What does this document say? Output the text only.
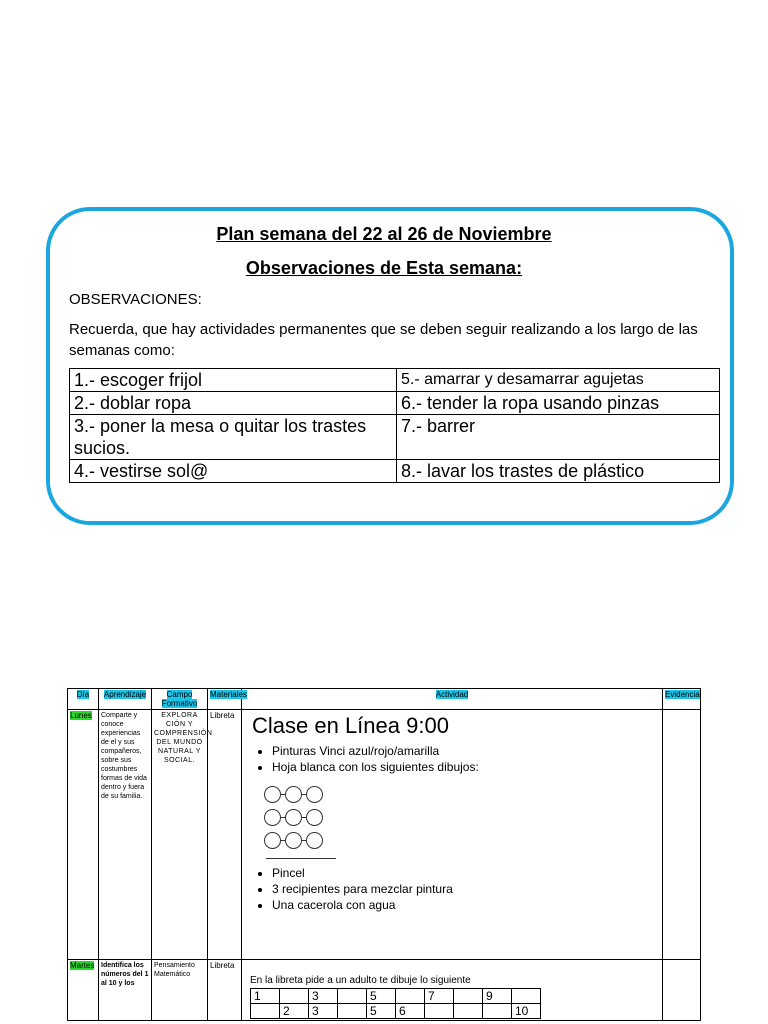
Plan semana del 22 al 26 de Noviembre
Observaciones de Esta semana:
OBSERVACIONES:
Recuerda, que hay actividades permanentes que se deben seguir realizando a los largo de las semanas como:
1.- escoger frijol	5.- amarrar y desamarrar agujetas
2.- doblar ropa	6.- tender la ropa usando pinzas
3.- poner la mesa o quitar los trastes sucios.	7.- barrer
4.- vestirse sol@	8.- lavar los trastes de plástico
Día	Aprendizaje	Campo Formativo	Materiales	Actividad	Evidencia
Lunes	Comparte y conoce experiencias de el y sus compañeros, sobre sus costumbres formas de vida dentro y fuera de su familia.	EXPLORA CIÓN Y COMPRENSIÓN DEL MUNDO NATURAL Y SOCIAL.	Libreta	Clase en Línea 9:00
• Pinturas Vinci azul/rojo/amarilla
• Hoja blanca con los siguientes dibujos:
• Pincel
• 3 recipientes para mezclar pintura
• Una cacerola con agua

Martes	Identifica los números del 1 al 10 y los	Pensamiento Matemático	Libreta	
En la libreta pide a un adulto te dibuje lo siguiente
1		3		5		7		9	
	2	3		5	6				10
